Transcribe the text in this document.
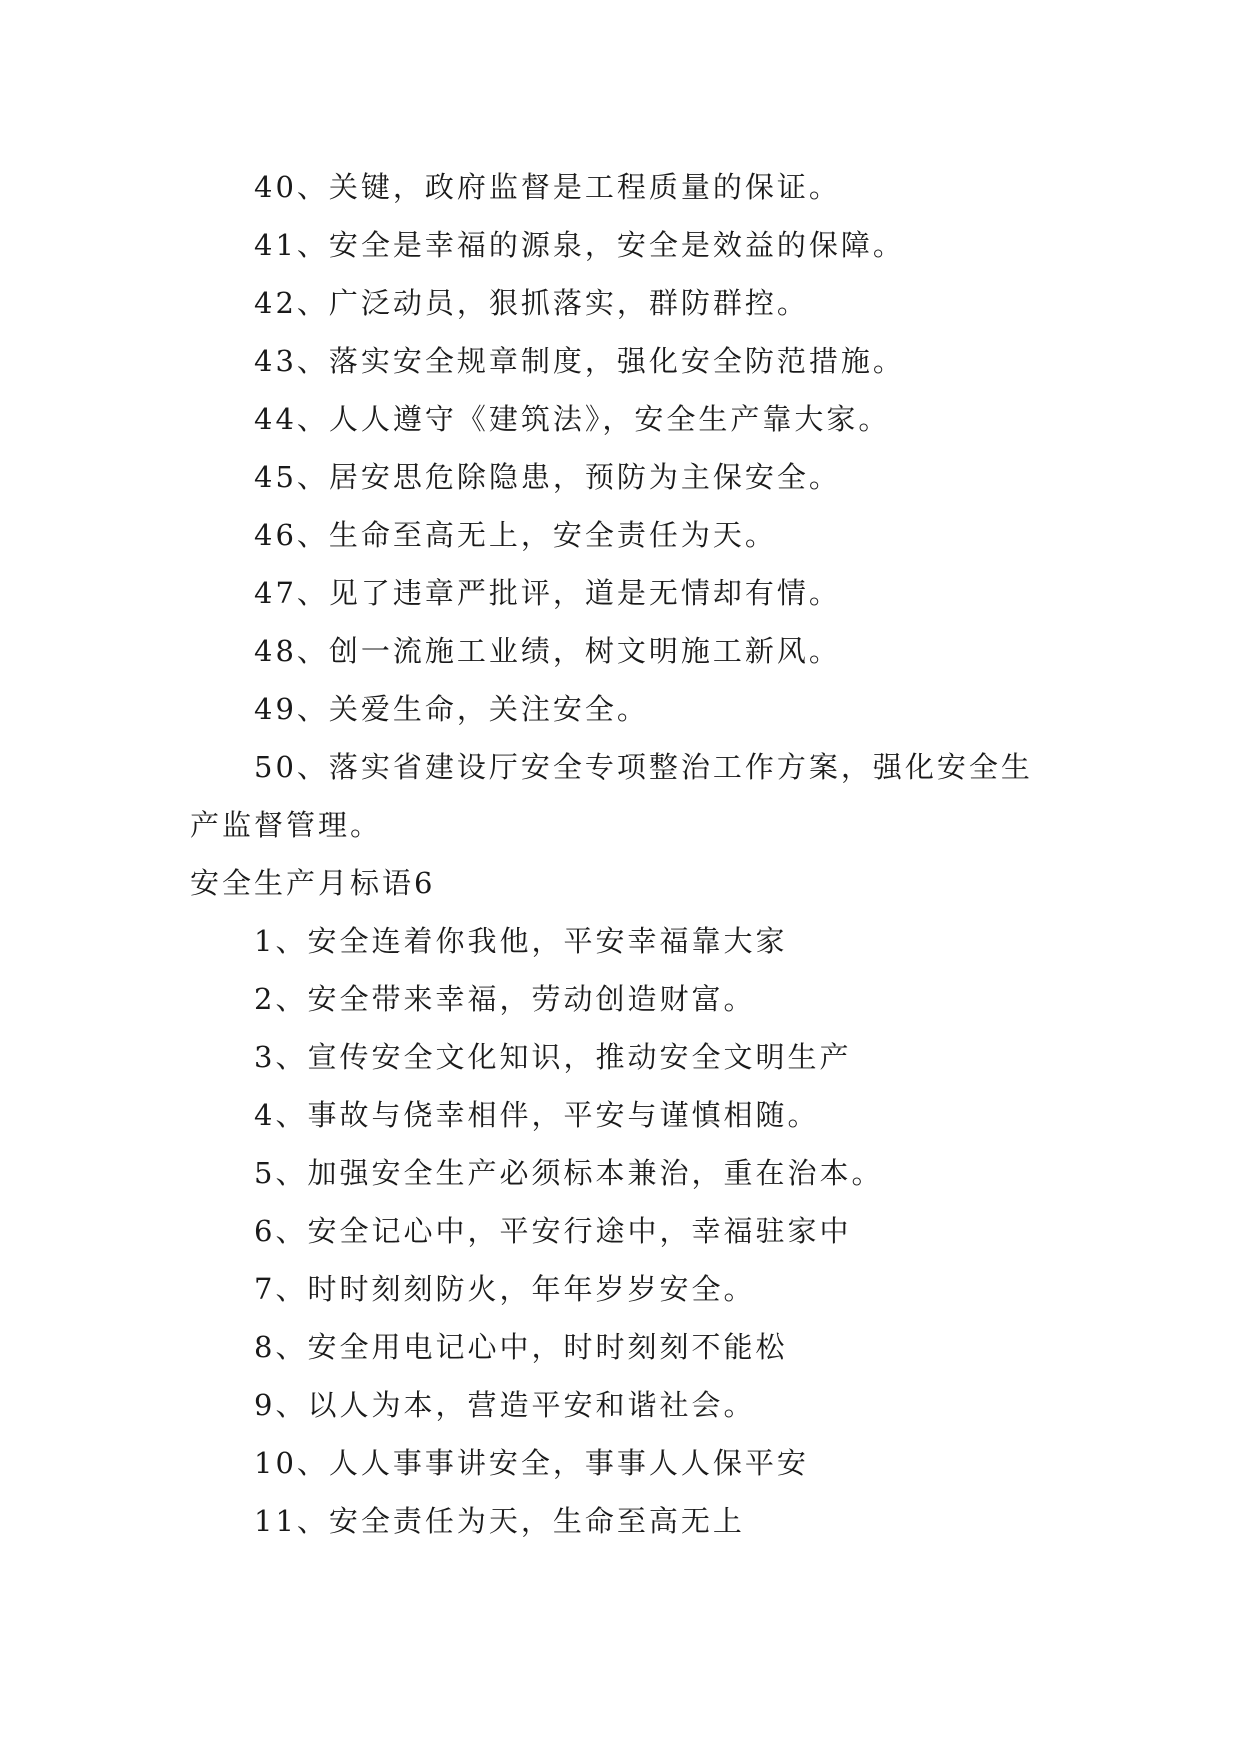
40、关键，政府监督是工程质量的保证。
41、安全是幸福的源泉，安全是效益的保障。
42、广泛动员，狠抓落实，群防群控。
43、落实安全规章制度，强化安全防范措施。
44、人人遵守《建筑法》，安全生产靠大家。
45、居安思危除隐患，预防为主保安全。
46、生命至高无上，安全责任为天。
47、见了违章严批评，道是无情却有情。
48、创一流施工业绩，树文明施工新风。
49、关爱生命，关注安全。
50、落实省建设厅安全专项整治工作方案，强化安全生
产监督管理。
安全生产月标语6
1、安全连着你我他，平安幸福靠大家
2、安全带来幸福，劳动创造财富。
3、宣传安全文化知识，推动安全文明生产
4、事故与侥幸相伴，平安与谨慎相随。
5、加强安全生产必须标本兼治，重在治本。
6、安全记心中，平安行途中，幸福驻家中
7、时时刻刻防火，年年岁岁安全。
8、安全用电记心中，时时刻刻不能松
9、以人为本，营造平安和谐社会。
10、人人事事讲安全，事事人人保平安
11、安全责任为天，生命至高无上
